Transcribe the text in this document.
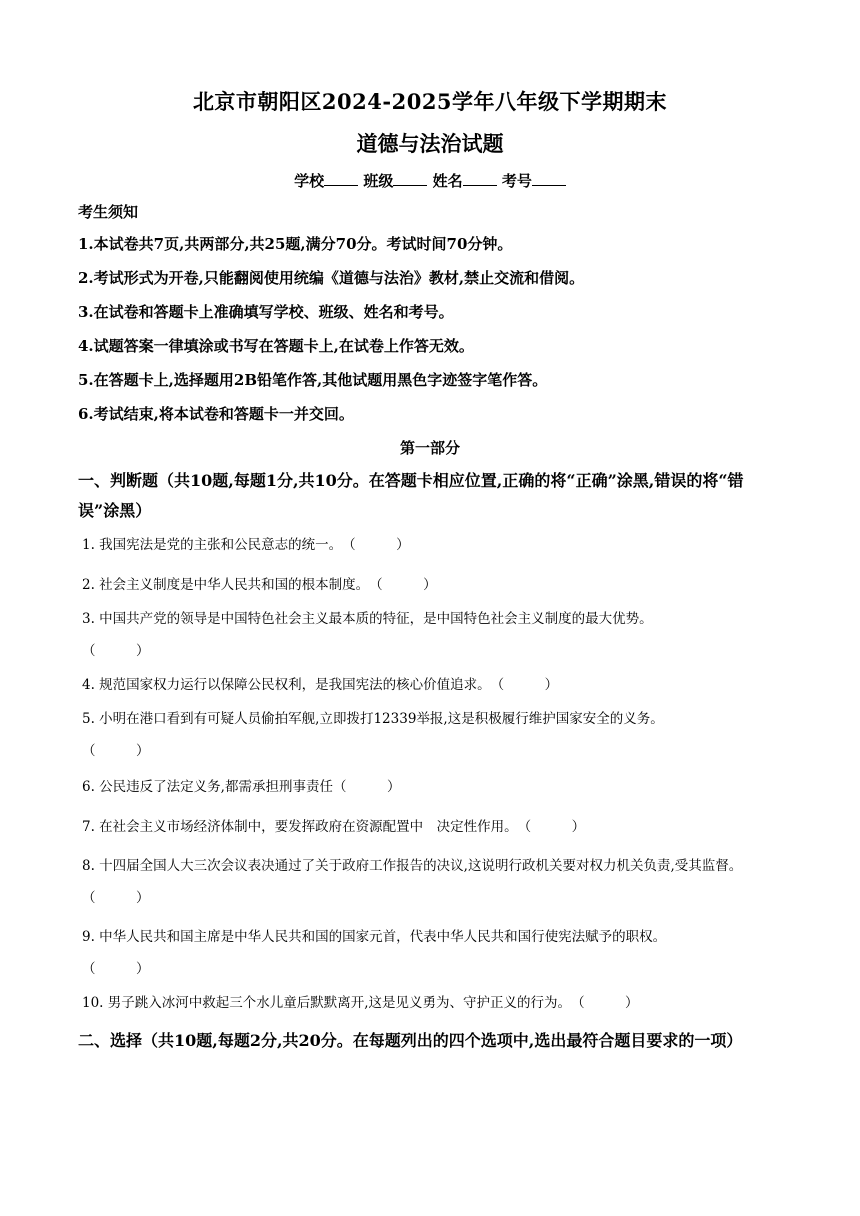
北京市朝阳区2024-2025学年八年级下学期期末
道德与法治试题
学校	班级	姓名	考号
考生须知
1.本试卷共7页,共两部分,共25题,满分70分。考试时间70分钟。
2.考试形式为开卷,只能翻阅使用统编《道德与法治》教材,禁止交流和借阅。
3.在试卷和答题卡上准确填写学校、班级、姓名和考号。
4.试题答案一律填涂或书写在答题卡上,在试卷上作答无效。
5.在答题卡上,选择题用2B铅笔作答,其他试题用黑色字迹签字笔作答。
6.考试结束,将本试卷和答题卡一并交回。
第一部分
一、判断题（共10题,每题1分,共10分。在答题卡相应位置,正确的将“正确”涂黑,错误的将“错误”涂黑）
1. 我国宪法是党的主张和公民意志的统一。（　　　）
2. 社会主义制度是中华人民共和国的根本制度。（　　　）
3. 中国共产党的领导是中国特色社会主义最本质的特征，是中国特色社会主义制度的最大优势。
（　　　）
4. 规范国家权力运行以保障公民权利，是我国宪法的核心价值追求。（　　　）
5. 小明在港口看到有可疑人员偷拍军舰,立即拨打12339举报,这是积极履行维护国家安全的义务。
（　　　）
6. 公民违反了法定义务,都需承担刑事责任（　　　）
7. 在社会主义市场经济体制中，要发挥政府在资源配置中　决定性作用。（　　　）
8. 十四届全国人大三次会议表决通过了关于政府工作报告的决议,这说明行政机关要对权力机关负责,受其监督。（　　　）
9. 中华人民共和国主席是中华人民共和国的国家元首，代表中华人民共和国行使宪法赋予的职权。
（　　　）
10. 男子跳入冰河中救起三个水儿童后默默离开,这是见义勇为、守护正义的行为。（　　　）
二、选择（共10题,每题2分,共20分。在每题列出的四个选项中,选出最符合题目要求的一项）
